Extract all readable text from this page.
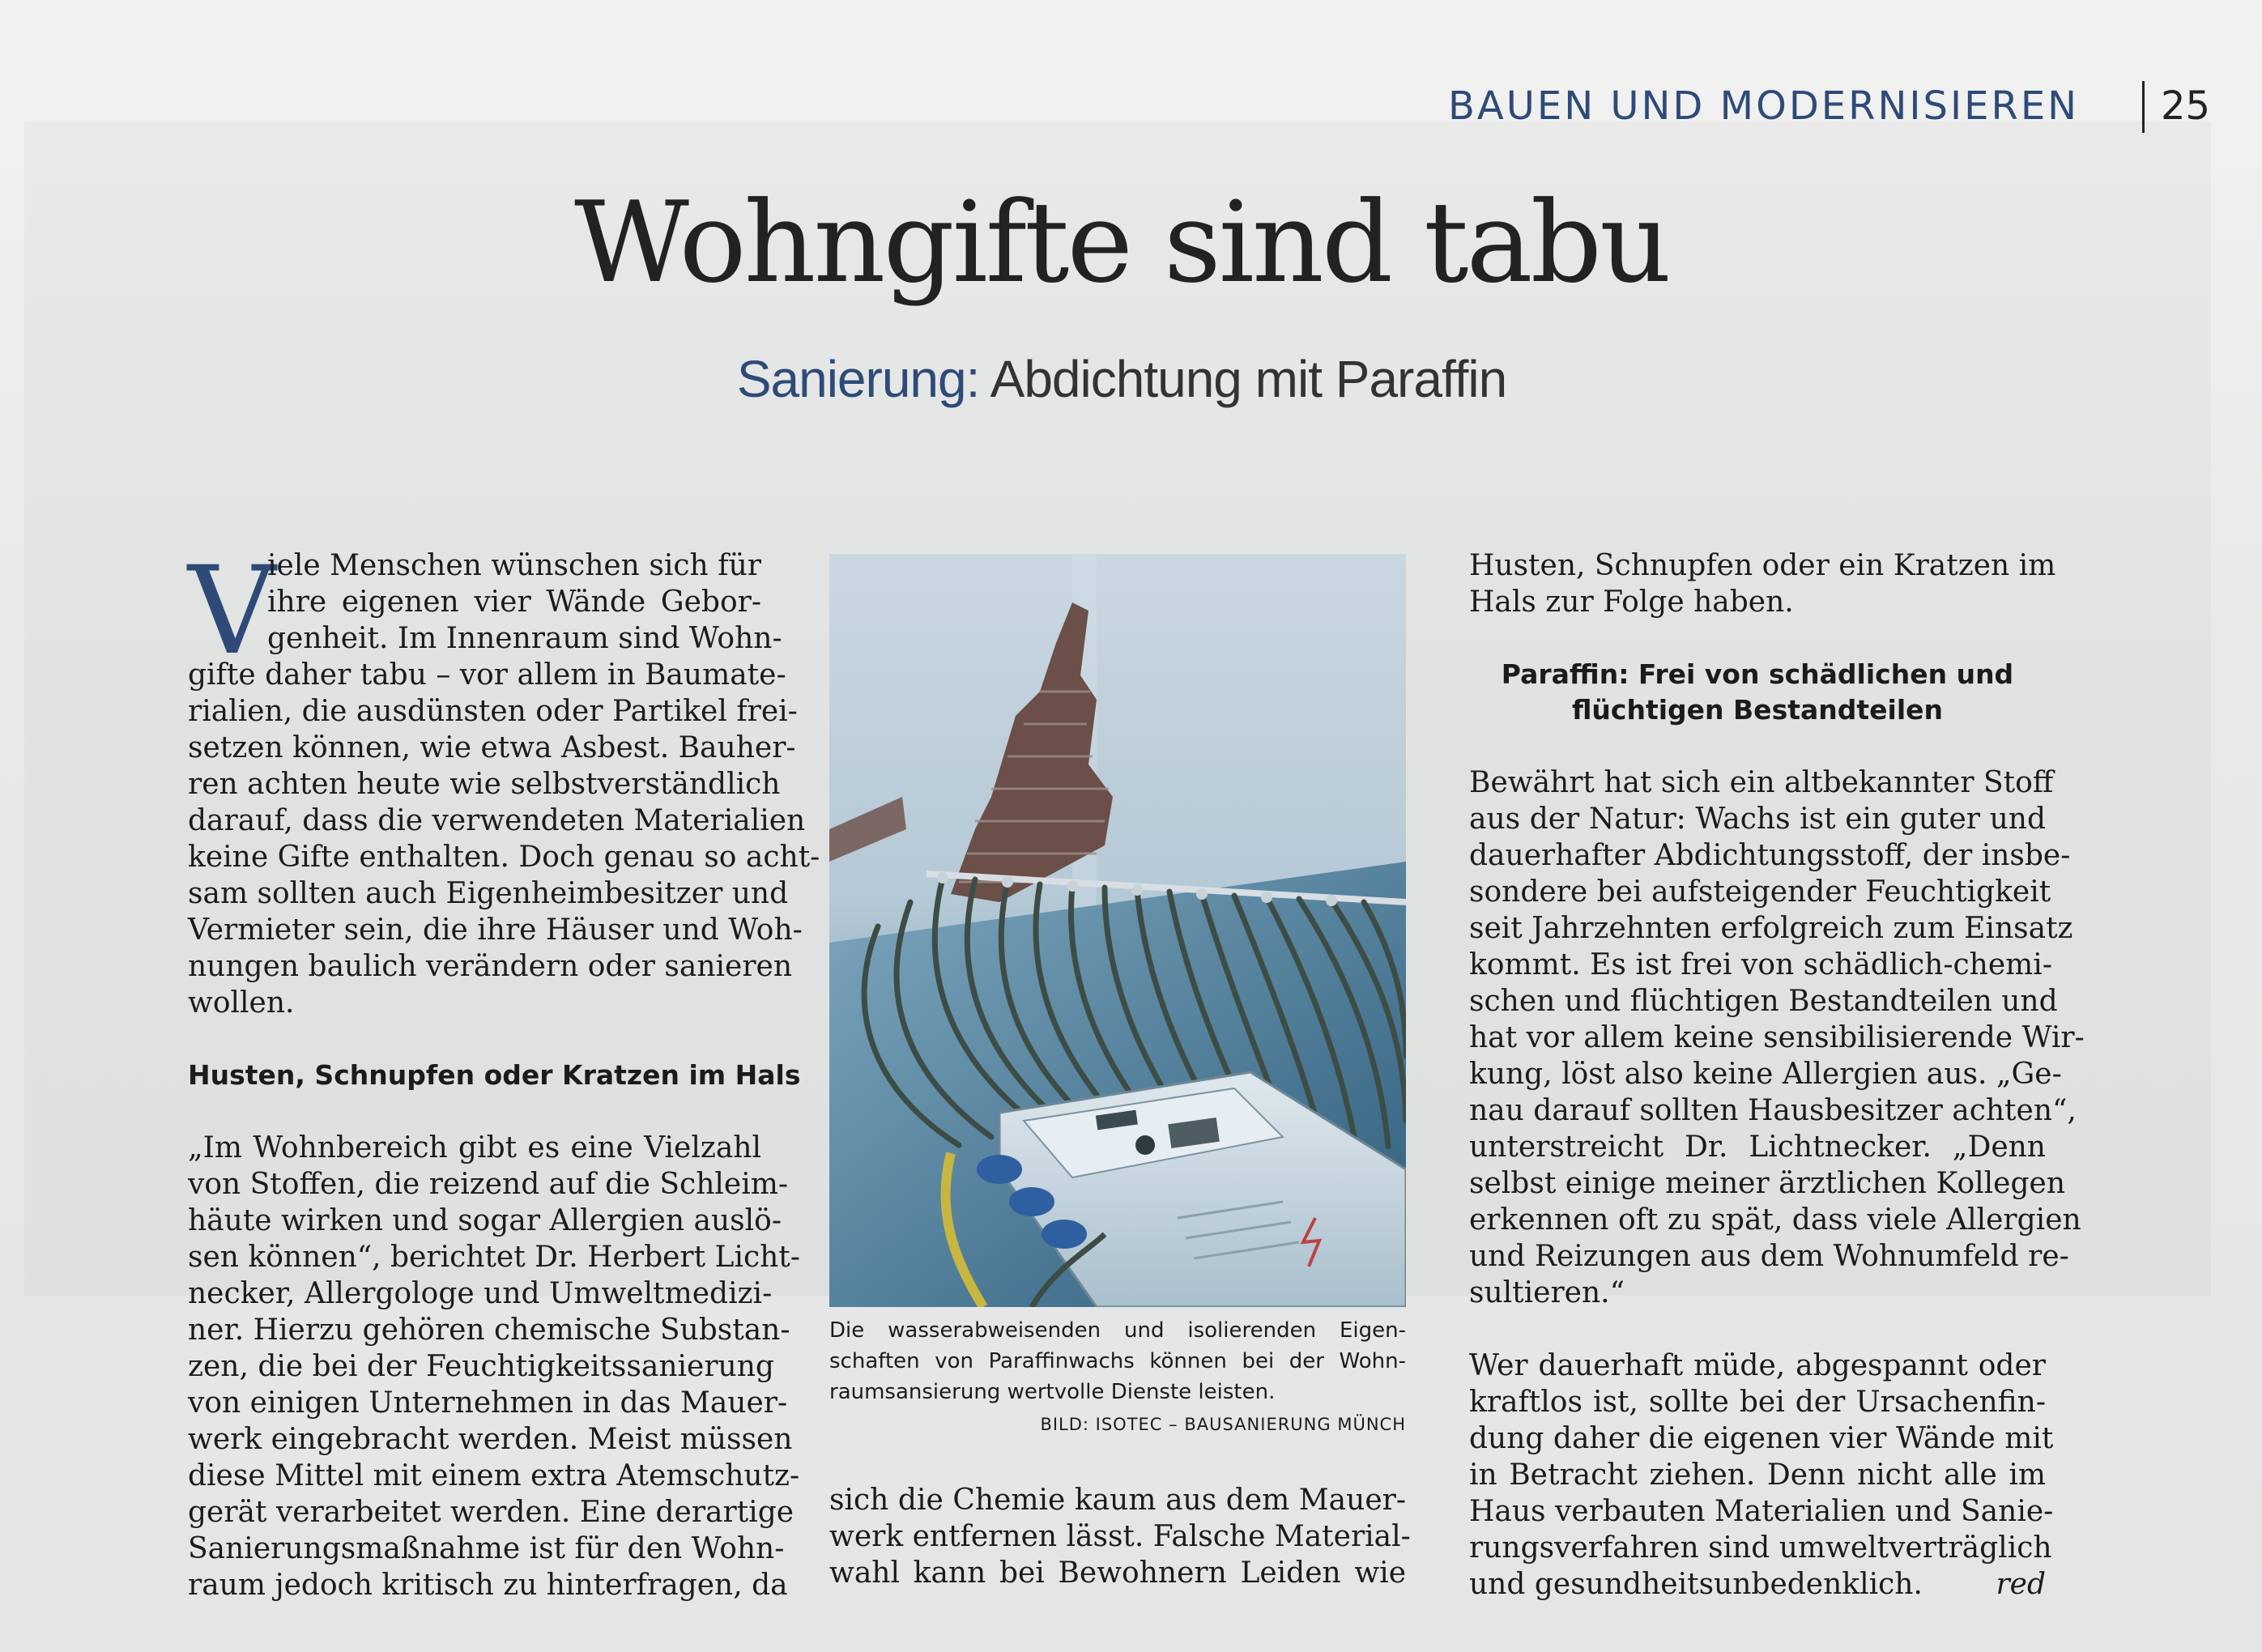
BAUEN UND MODERNISIEREN 25
Wohngifte sind tabu
Sanierung: Abdichtung mit Paraffin
V
iele Menschen wünschen sich für
ihre eigenen vier Wände Gebor-
genheit. Im Innenraum sind Wohn-
gifte daher tabu – vor allem in Baumate-
rialien, die ausdünsten oder Partikel frei-
setzen können, wie etwa Asbest. Bauher-
ren achten heute wie selbstverständlich
darauf, dass die verwendeten Materialien
keine Gifte enthalten. Doch genau so acht-
sam sollten auch Eigenheimbesitzer und
Vermieter sein, die ihre Häuser und Woh-
nungen baulich verändern oder sanieren
wollen.
Husten, Schnupfen oder Kratzen im Hals
„Im Wohnbereich gibt es eine Vielzahl
von Stoffen, die reizend auf die Schleim-
häute wirken und sogar Allergien auslö-
sen können“, berichtet Dr. Herbert Licht-
necker, Allergologe und Umweltmedizi-
ner. Hierzu gehören chemische Substan-
zen, die bei der Feuchtigkeitssanierung
von einigen Unternehmen in das Mauer-
werk eingebracht werden. Meist müssen
diese Mittel mit einem extra Atemschutz-
gerät verarbeitet werden. Eine derartige
Sanierungsmaßnahme ist für den Wohn-
raum jedoch kritisch zu hinterfragen, da
Die wasserabweisenden und isolierenden Eigen-
schaften von Paraffinwachs können bei der Wohn-
raumsansierung wertvolle Dienste leisten.
BILD: ISOTEC – BAUSANIERUNG MÜNCH
sich die Chemie kaum aus dem Mauer-
werk entfernen lässt. Falsche Material-
wahl kann bei Bewohnern Leiden wie
Husten, Schnupfen oder ein Kratzen im
Hals zur Folge haben.
Paraffin: Frei von schädlichen und
flüchtigen Bestandteilen
Bewährt hat sich ein altbekannter Stoff
aus der Natur: Wachs ist ein guter und
dauerhafter Abdichtungsstoff, der insbe-
sondere bei aufsteigender Feuchtigkeit
seit Jahrzehnten erfolgreich zum Einsatz
kommt. Es ist frei von schädlich-chemi-
schen und flüchtigen Bestandteilen und
hat vor allem keine sensibilisierende Wir-
kung, löst also keine Allergien aus. „Ge-
nau darauf sollten Hausbesitzer achten“,
unterstreicht Dr. Lichtnecker. „Denn
selbst einige meiner ärztlichen Kollegen
erkennen oft zu spät, dass viele Allergien
und Reizungen aus dem Wohnumfeld re-
sultieren.“
Wer dauerhaft müde, abgespannt oder
kraftlos ist, sollte bei der Ursachenfin-
dung daher die eigenen vier Wände mit
in Betracht ziehen. Denn nicht alle im
Haus verbauten Materialien und Sanie-
rungsverfahren sind umweltverträglich
und gesundheitsunbedenklich.	red
